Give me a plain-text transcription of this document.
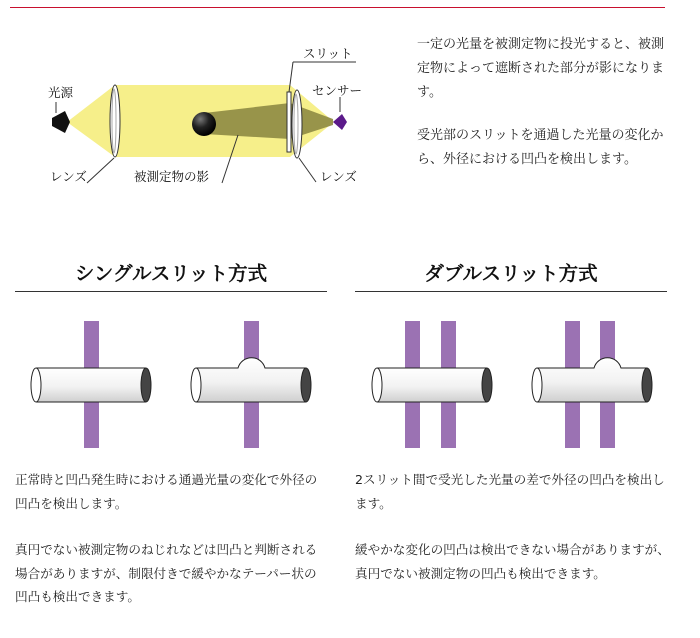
光源
スリット
センサー
レンズ	被測定物の影	レンズ

一定の光量を被測定物に投光すると、被測定物によって遮断された部分が影になります。

受光部のスリットを通過した光量の変化から、外径における凹凸を検出します。

シングルスリット方式	ダブルスリット方式

正常時と凹凸発生時における通過光量の変化で外径の凹凸を検出します。

真円でない被測定物のねじれなどは凹凸と判断される場合がありますが、制限付きで緩やかなテーパー状の凹凸も検出できます。

2スリット間で受光した光量の差で外径の凹凸を検出します。

緩やかな変化の凹凸は検出できない場合がありますが、真円でない被測定物の凹凸も検出できます。
